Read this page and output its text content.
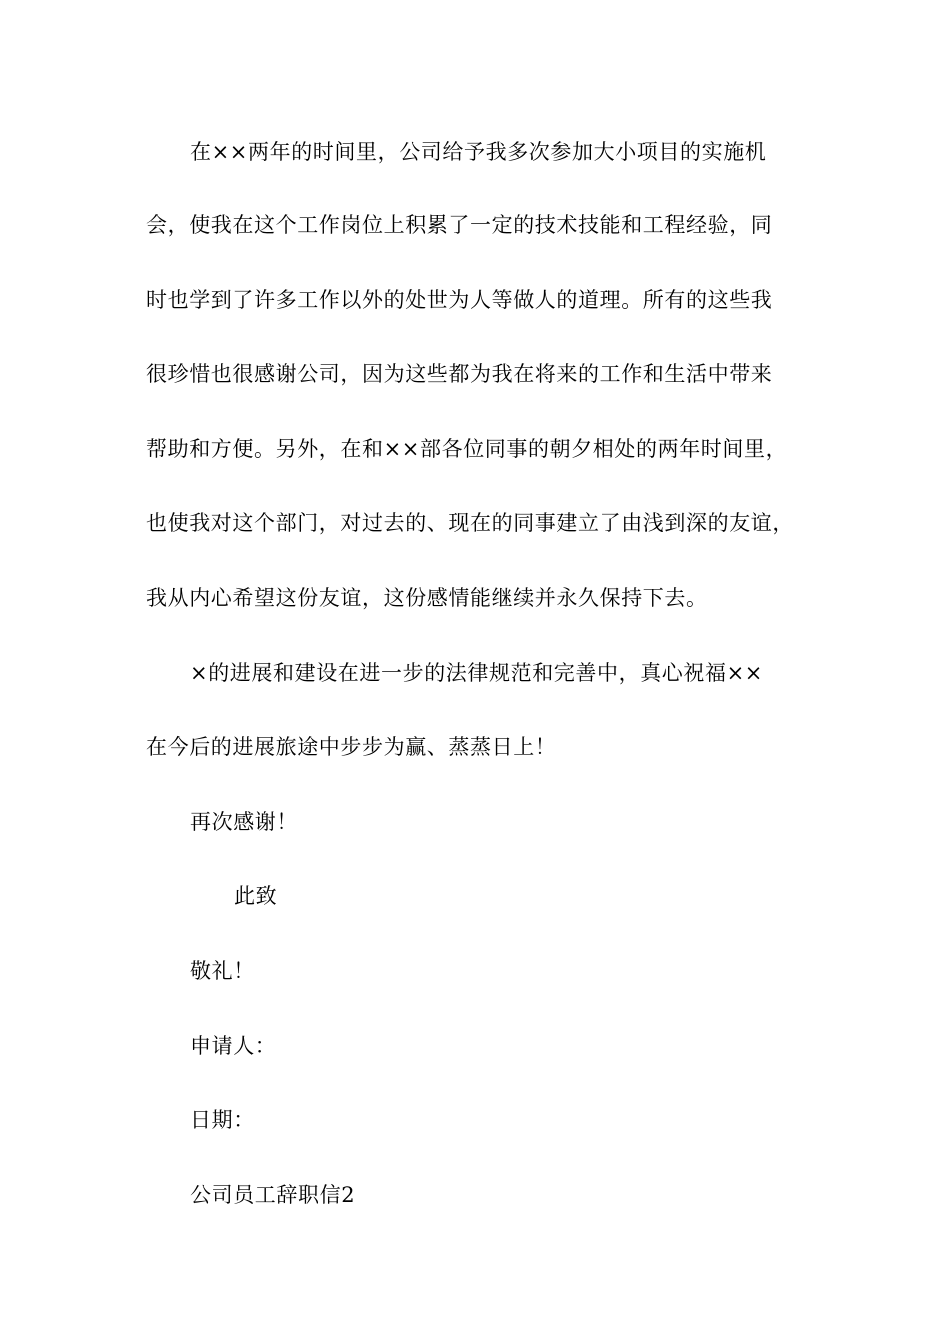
在××两年的时间里，公司给予我多次参加大小项目的实施机

会，使我在这个工作岗位上积累了一定的技术技能和工程经验，同

时也学到了许多工作以外的处世为人等做人的道理。所有的这些我

很珍惜也很感谢公司，因为这些都为我在将来的工作和生活中带来

帮助和方便。另外，在和××部各位同事的朝夕相处的两年时间里，

也使我对这个部门，对过去的、现在的同事建立了由浅到深的友谊，

我从内心希望这份友谊，这份感情能继续并永久保持下去。

×的进展和建设在进一步的法律规范和完善中，真心祝福××

在今后的进展旅途中步步为赢、蒸蒸日上！

再次感谢！

此致

敬礼！

申请人：

日期：

公司员工辞职信2
